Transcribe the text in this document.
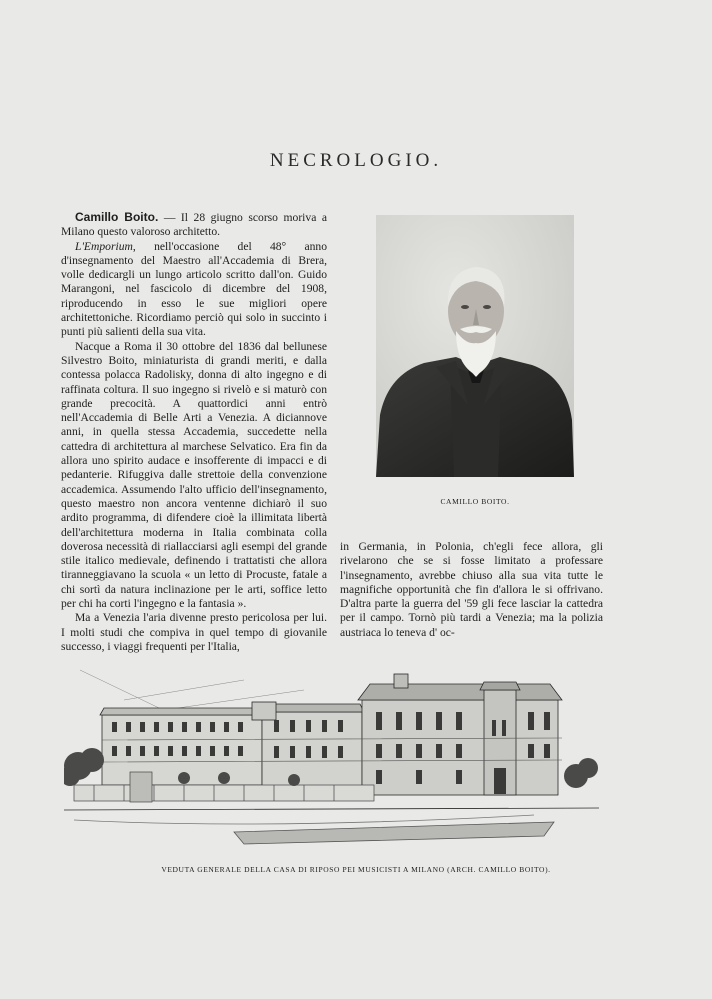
NECROLOGIO.

Camillo Boito. — Il 28 giugno scorso moriva a Milano questo valoroso architetto.

L'Emporium, nell'occasione del 48° anno d'insegnamento del Maestro all'Accademia di Brera, volle dedicargli un lungo articolo scritto dall'on. Guido Marangoni, nel fascicolo di dicembre del 1908, riproducendo in esso le sue migliori opere architettoniche. Ricordiamo perciò qui solo in succinto i punti più salienti della sua vita.

Nacque a Roma il 30 ottobre del 1836 dal bellunese Silvestro Boito, miniaturista di grandi meriti, e dalla contessa polacca Radolisky, donna di alto ingegno e di raffinata coltura. Il suo ingegno si rivelò e si maturò con grande precocità. A quattordici anni entrò nell'Accademia di Belle Arti a Venezia. A diciannove anni, in quella stessa Accademia, succedette nella cattedra di architettura al marchese Selvatico. Era fin da allora uno spirito audace e insofferente di impacci e di pedanterie. Rifuggiva dalle strettoie della convenzione accademica. Assumendo l'alto ufficio dell'insegnamento, questo maestro non ancora ventenne dichiarò il suo ardito programma, di difendere cioè la illimitata libertà dell'architettura moderna in Italia combinata colla doverosa necessità di riallacciarsi agli esempi del grande stile italico medievale, definendo i trattatisti che allora tiranneggiavano la scuola « un letto di Procuste, fatale a chi sortì da natura inclinazione per le arti, soffice letto per chi ha corti l'ingegno e la fantasia ».

Ma a Venezia l'aria divenne presto pericolosa per lui. I molti studi che compiva in quel tempo di giovanile successo, i viaggi frequenti per l'Italia,

in Germania, in Polonia, ch'egli fece allora, gli rivelarono che se si fosse limitato a professare l'insegnamento, avrebbe chiuso alla sua vita tutte le magnifiche opportunità che fin d'allora le si offrivano. D'altra parte la guerra del '59 gli fece lasciar la cattedra per il campo. Tornò più tardi a Venezia; ma la polizia austriaca lo teneva d' oc-

CAMILLO BOITO.
VEDUTA GENERALE DELLA CASA DI RIPOSO PEI MUSICISTI A MILANO (ARCH. CAMILLO BOITO).
